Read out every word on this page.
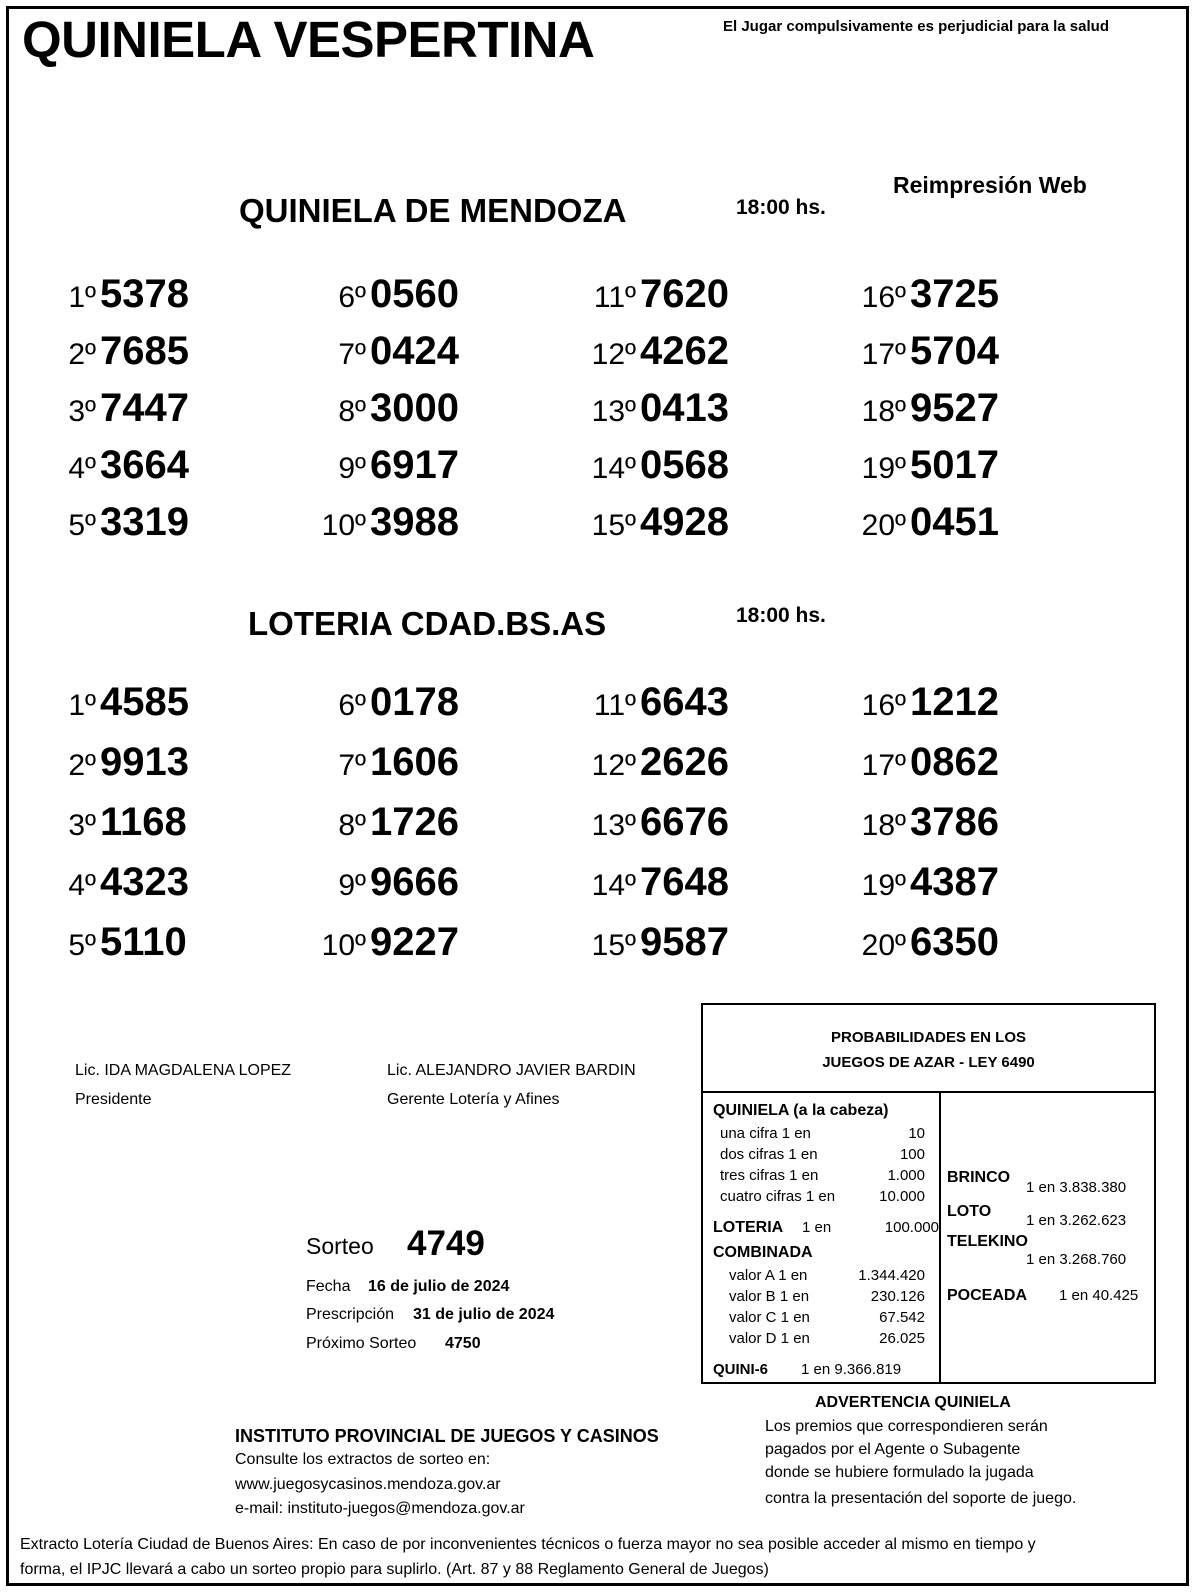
QUINIELA VESPERTINA	El Jugar compulsivamente es perjudicial para la salud
Reimpresión Web
QUINIELA DE MENDOZA	18:00 hs.
1º 5378
2º 7685
3º 7447
4º 3664
5º 3319
6º 0560
7º 0424
8º 3000
9º 6917
10º 3988
11º 7620
12º 4262
13º 0413
14º 0568
15º 4928
16º 3725
17º 5704
18º 9527
19º 5017
20º 0451
LOTERIA CDAD.BS.AS	18:00 hs.
1º 4585
2º 9913
3º 1168
4º 4323
5º 5110
6º 0178
7º 1606
8º 1726
9º 9666
10º 9227
11º 6643
12º 2626
13º 6676
14º 7648
15º 9587
16º 1212
17º 0862
18º 3786
19º 4387
20º 6350
Lic. IDA MAGDALENA LOPEZ
Presidente
Lic. ALEJANDRO JAVIER BARDIN
Gerente Lotería y Afines
Sorteo 4749
Fecha 16 de julio de 2024
Prescripción 31 de julio de 2024
Próximo Sorteo 4750
PROBABILIDADES EN LOS
JUEGOS DE AZAR - LEY 6490
QUINIELA (a la cabeza)
una cifra 1 en	10
dos cifras 1 en	100
tres cifras 1 en	1.000
cuatro cifras 1 en	10.000
LOTERIA 1 en	100.000
COMBINADA
valor A 1 en	1.344.420
valor B 1 en	230.126
valor C 1 en	67.542
valor D 1 en	26.025
QUINI-6 1 en 9.366.819
BRINCO
1 en 3.838.380
LOTO
1 en 3.262.623
TELEKINO
1 en 3.268.760
POCEADA 1 en 40.425
ADVERTENCIA QUINIELA
Los premios que correspondieren serán
pagados por el Agente o Subagente
donde se hubiere formulado la jugada
contra la presentación del soporte de juego.
INSTITUTO PROVINCIAL DE JUEGOS Y CASINOS
Consulte los extractos de sorteo en:
www.juegosycasinos.mendoza.gov.ar
e-mail: instituto-juegos@mendoza.gov.ar
Extracto Lotería Ciudad de Buenos Aires: En caso de por inconvenientes técnicos o fuerza mayor no sea posible acceder al mismo en tiempo y
forma, el IPJC llevará a cabo un sorteo propio para suplirlo. (Art. 87 y 88 Reglamento General de Juegos)
